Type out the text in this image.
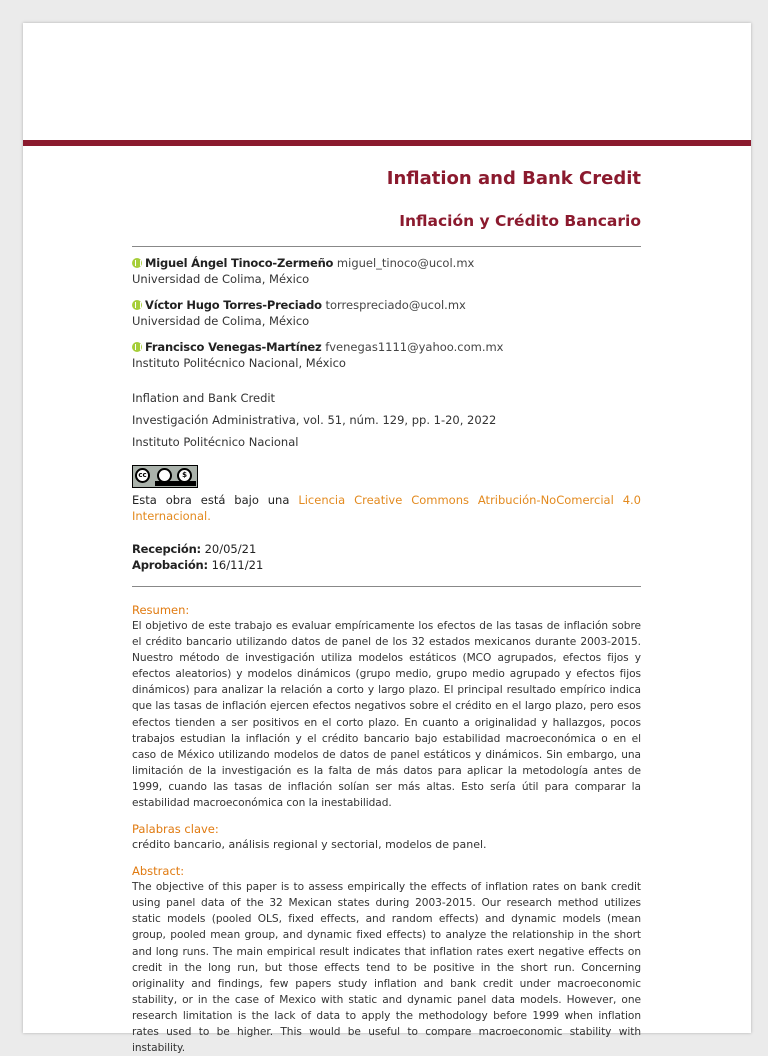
Inflation and Bank Credit
Inflación y Crédito Bancario
Miguel Ángel Tinoco-Zermeño miguel_tinoco@ucol.mx
Universidad de Colima, México
Víctor Hugo Torres-Preciado torrespreciado@ucol.mx
Universidad de Colima, México
Francisco Venegas-Martínez fvenegas1111@yahoo.com.mx
Instituto Politécnico Nacional, México
Inflation and Bank Credit
Investigación Administrativa, vol. 51, núm. 129, pp. 1-20, 2022
Instituto Politécnico Nacional
cc	$
Esta obra está bajo una Licencia Creative Commons Atribución-NoComercial 4.0 Internacional.
Recepción: 20/05/21
Aprobación: 16/11/21
Resumen:

El objetivo de este trabajo es evaluar empíricamente los efectos de las tasas de inflación sobre el crédito bancario utilizando datos de panel de los 32 estados mexicanos durante 2003-2015. Nuestro método de investigación utiliza modelos estáticos (MCO agrupados, efectos fijos y efectos aleatorios) y modelos dinámicos (grupo medio, grupo medio agrupado y efectos fijos dinámicos) para analizar la relación a corto y largo plazo. El principal resultado empírico indica que las tasas de inflación ejercen efectos negativos sobre el crédito en el largo plazo, pero esos efectos tienden a ser positivos en el corto plazo. En cuanto a originalidad y hallazgos, pocos trabajos estudian la inflación y el crédito bancario bajo estabilidad macroeconómica o en el caso de México utilizando modelos de datos de panel estáticos y dinámicos. Sin embargo, una limitación de la investigación es la falta de más datos para aplicar la metodología antes de 1999, cuando las tasas de inflación solían ser más altas. Esto sería útil para comparar la estabilidad macroeconómica con la inestabilidad.

Palabras clave:
crédito bancario, análisis regional y sectorial, modelos de panel.
Abstract:

The objective of this paper is to assess empirically the effects of inflation rates on bank credit using panel data of the 32 Mexican states during 2003-2015. Our research method utilizes static models (pooled OLS, fixed effects, and random effects) and dynamic models (mean group, pooled mean group, and dynamic fixed effects) to analyze the relationship in the short and long runs. The main empirical result indicates that inflation rates exert negative effects on credit in the long run, but those effects tend to be positive in the short run. Concerning originality and findings, few papers study inflation and bank credit under macroeconomic stability, or in the case of Mexico with static and dynamic panel data models. However, one research limitation is the lack of data to apply the methodology before 1999 when inflation rates used to be higher. This would be useful to compare macroeconomic stability with instability.
